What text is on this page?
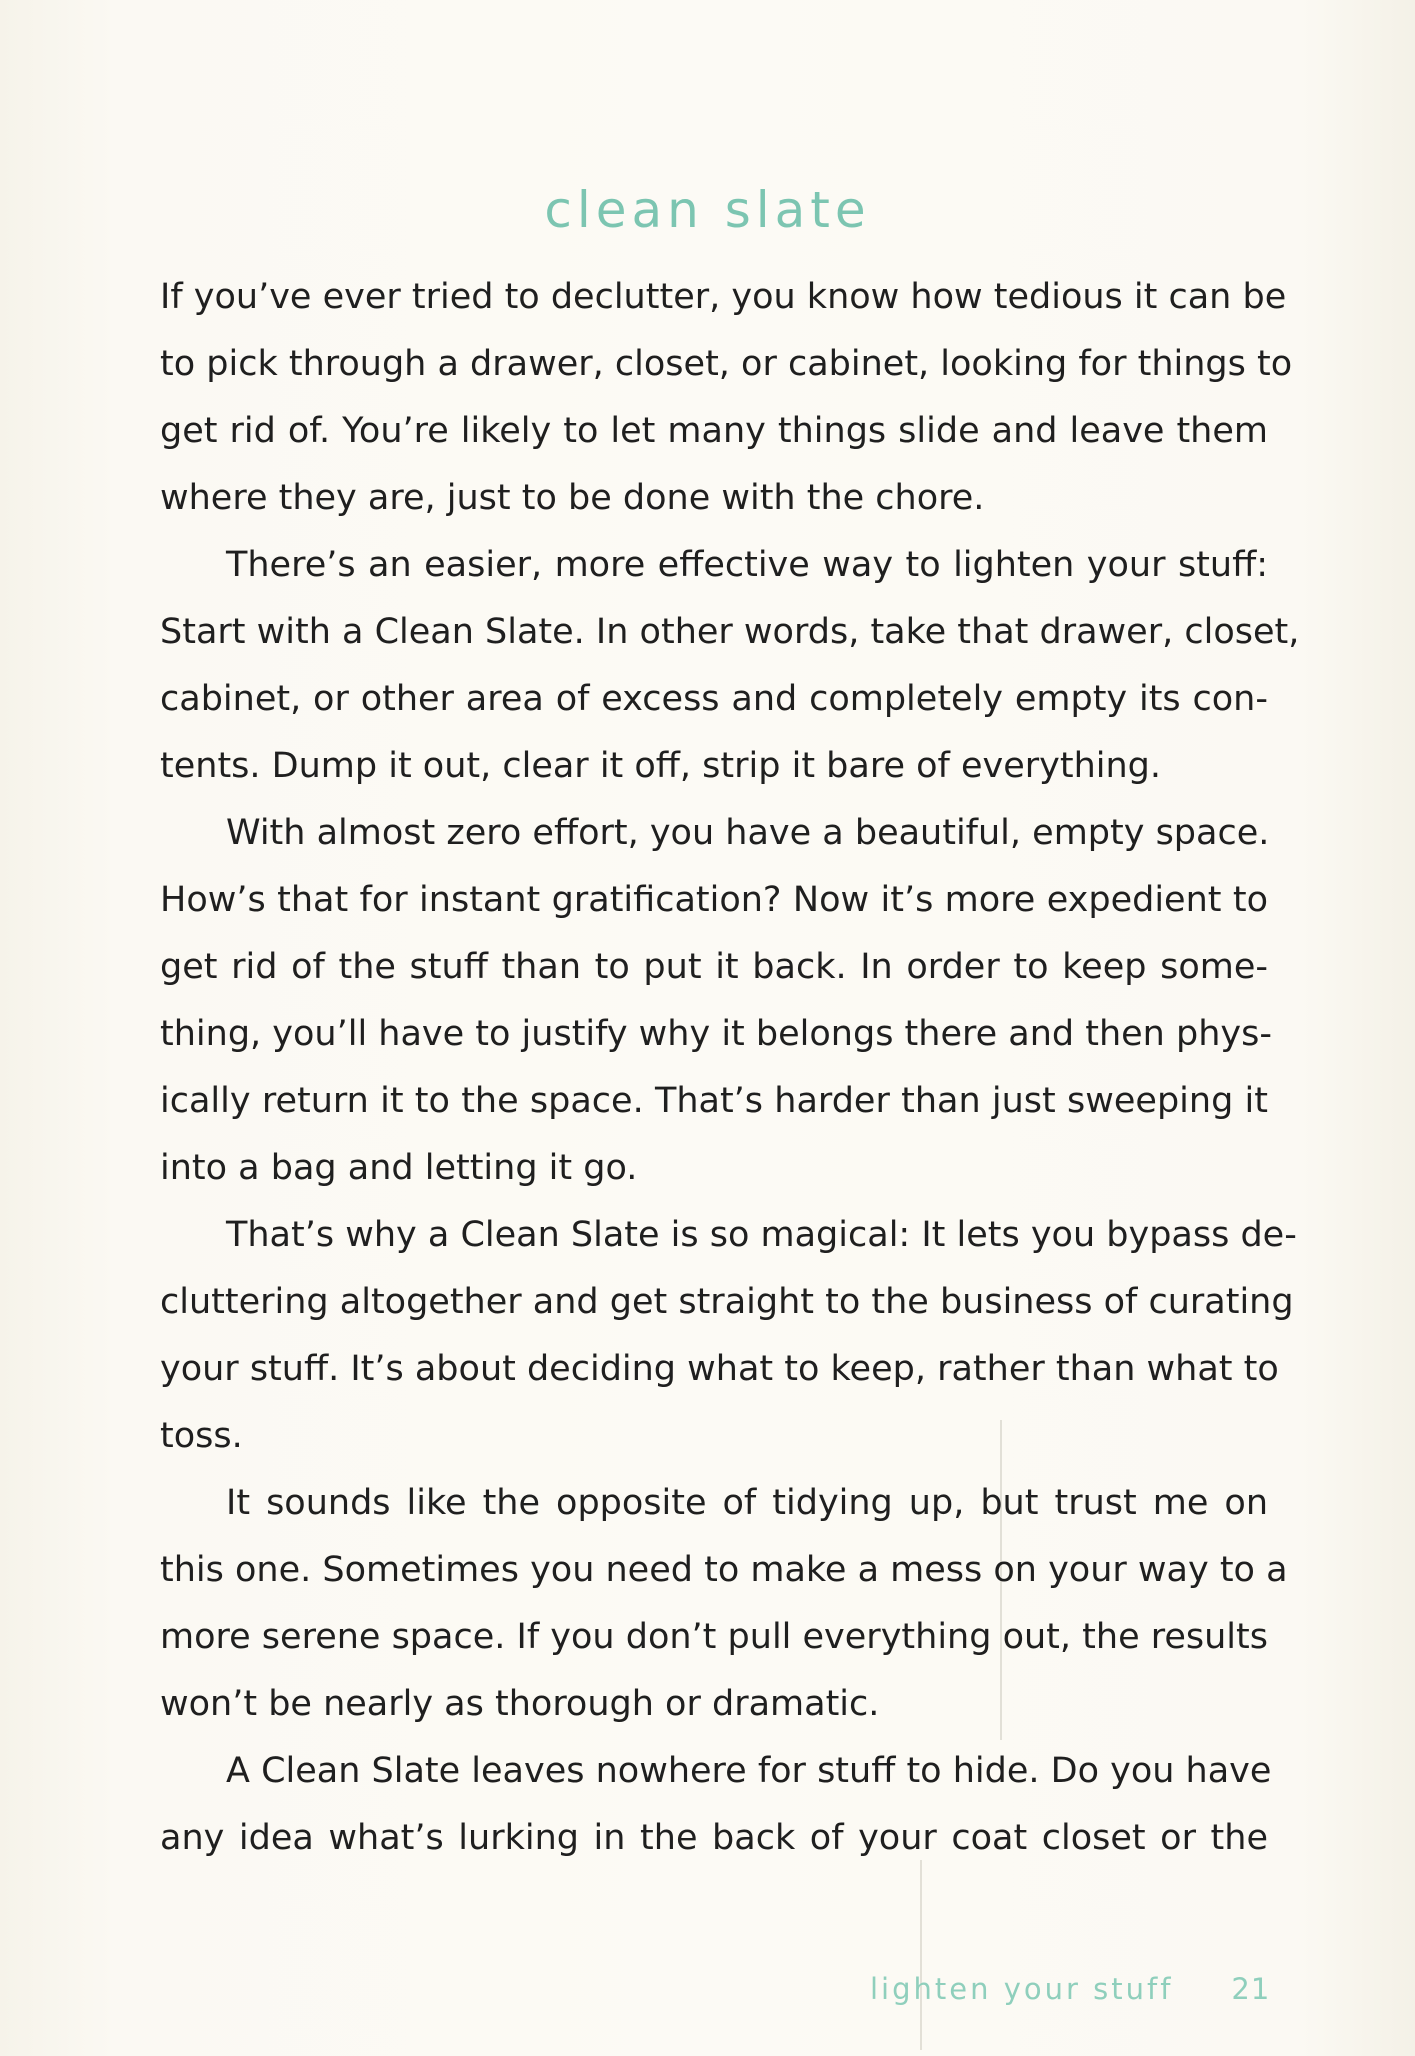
clean slate
If you’ve ever tried to declutter, you know how tedious it can be
to pick through a drawer, closet, or cabinet, looking for things to
get rid of. You’re likely to let many things slide and leave them
where they are, just to be done with the chore.
There’s an easier, more effective way to lighten your stuff:
Start with a Clean Slate. In other words, take that drawer, closet,
cabinet, or other area of excess and completely empty its con-
tents. Dump it out, clear it off, strip it bare of everything.
With almost zero effort, you have a beautiful, empty space.
How’s that for instant gratification? Now it’s more expedient to
get rid of the stuff than to put it back. In order to keep some-
thing, you’ll have to justify why it belongs there and then phys-
ically return it to the space. That’s harder than just sweeping it
into a bag and letting it go.
That’s why a Clean Slate is so magical: It lets you bypass de-
cluttering altogether and get straight to the business of curating
your stuff. It’s about deciding what to keep, rather than what to
toss.
It sounds like the opposite of tidying up, but trust me on
this one. Sometimes you need to make a mess on your way to a
more serene space. If you don’t pull everything out, the results
won’t be nearly as thorough or dramatic.
A Clean Slate leaves nowhere for stuff to hide. Do you have
any idea what’s lurking in the back of your coat closet or the
lighten your stuff 21
